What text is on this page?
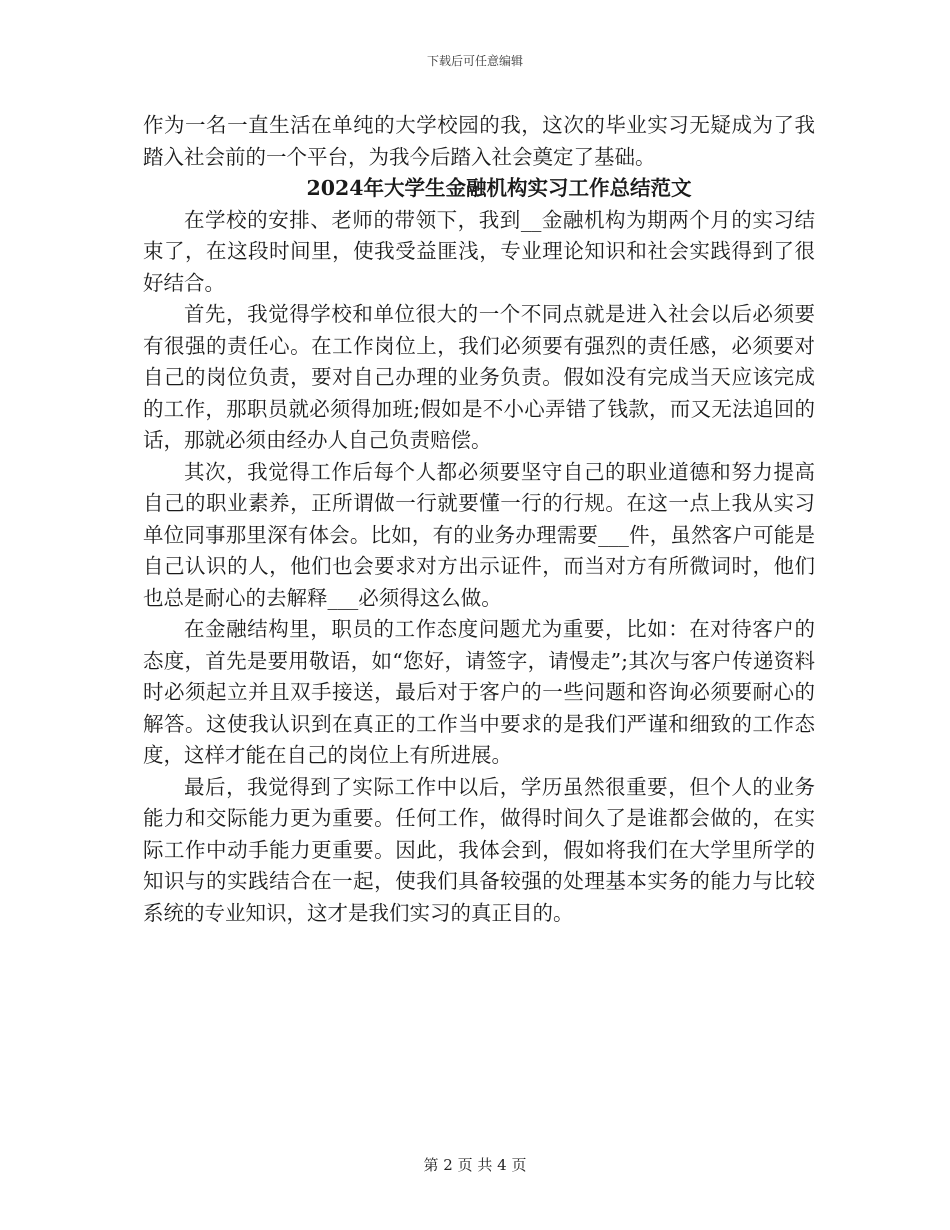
下载后可任意编辑

作为一名一直生活在单纯的大学校园的我，这次的毕业实习无疑成为了我踏入社会前的一个平台，为我今后踏入社会奠定了基础。

2024年大学生金融机构实习工作总结范文

在学校的安排、老师的带领下，我到__金融机构为期两个月的实习结束了，在这段时间里，使我受益匪浅，专业理论知识和社会实践得到了很好结合。

首先，我觉得学校和单位很大的一个不同点就是进入社会以后必须要有很强的责任心。在工作岗位上，我们必须要有强烈的责任感，必须要对自己的岗位负责，要对自己办理的业务负责。假如没有完成当天应该完成的工作，那职员就必须得加班;假如是不小心弄错了钱款，而又无法追回的话，那就必须由经办人自己负责赔偿。

其次，我觉得工作后每个人都必须要坚守自己的职业道德和努力提高自己的职业素养，正所谓做一行就要懂一行的行规。在这一点上我从实习单位同事那里深有体会。比如，有的业务办理需要___件，虽然客户可能是自己认识的人，他们也会要求对方出示证件，而当对方有所微词时，他们也总是耐心的去解释___必须得这么做。

在金融结构里，职员的工作态度问题尤为重要，比如：在对待客户的态度，首先是要用敬语，如“您好，请签字，请慢走”;其次与客户传递资料时必须起立并且双手接送，最后对于客户的一些问题和咨询必须要耐心的解答。这使我认识到在真正的工作当中要求的是我们严谨和细致的工作态度，这样才能在自己的岗位上有所进展。

最后，我觉得到了实际工作中以后，学历虽然很重要，但个人的业务能力和交际能力更为重要。任何工作，做得时间久了是谁都会做的，在实际工作中动手能力更重要。因此，我体会到，假如将我们在大学里所学的知识与的实践结合在一起，使我们具备较强的处理基本实务的能力与比较系统的专业知识，这才是我们实习的真正目的。

第 2 页 共 4 页
